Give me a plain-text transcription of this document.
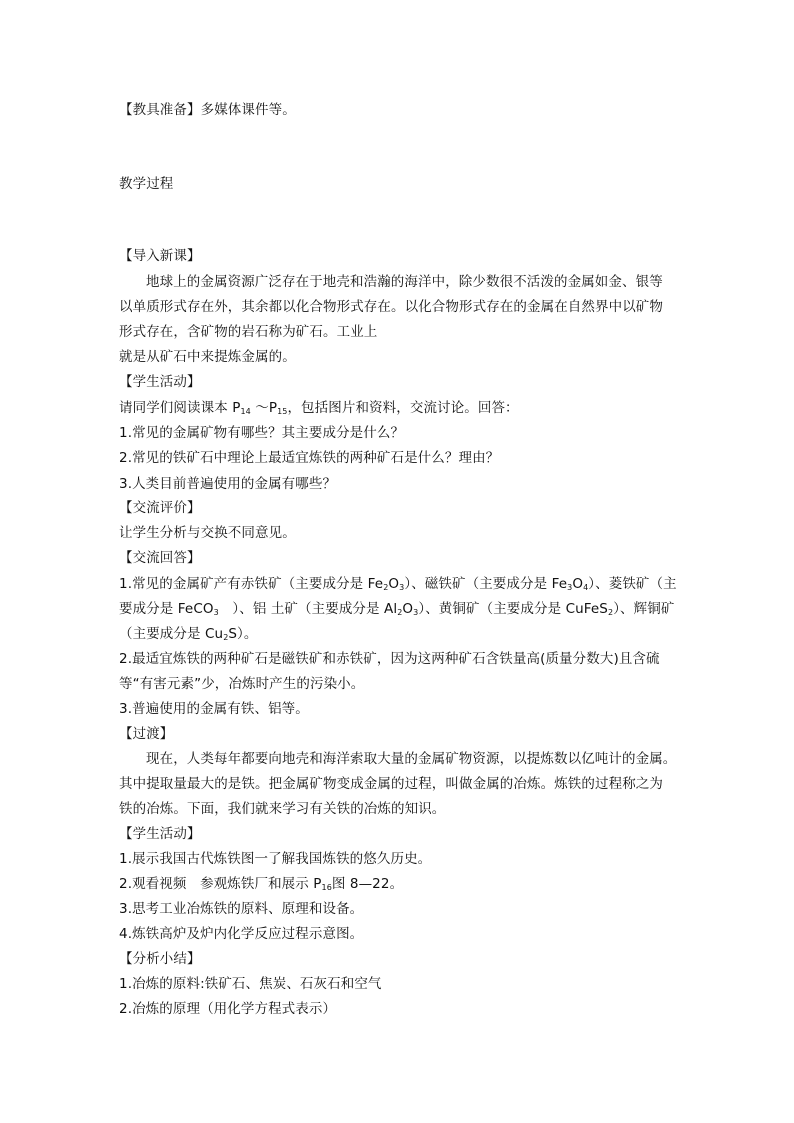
【教具准备】多媒体课件等。
教学过程
【导入新课】
地球上的金属资源广泛存在于地壳和浩瀚的海洋中，除少数很不活泼的金属如金、银等
以单质形式存在外，其余都以化合物形式存在。以化合物形式存在的金属在自然界中以矿物
形式存在，含矿物的岩石称为矿石。工业上
就是从矿石中来提炼金属的。
【学生活动】
请同学们阅读课本 $P_{14}$ $\sim P_{15}$，包括图片和资料，交流讨论。回答：
1.常见的金属矿物有哪些？其主要成分是什么？
2.常见的铁矿石中理论上最适宜炼铁的两种矿石是什么？理由？
3.人类目前普遍使用的金属有哪些？
【交流评价】
让学生分析与交换不同意见。
【交流回答】
1.常见的金属矿产有赤铁矿（主要成分是 $Fe_2O_3$）、磁铁矿（主要成分是 $Fe_3O_4$）、菱铁矿（主
要成分是 FeCO$_3$　）、铝 土矿（主要成分是 $Al_2O_3$）、黄铜矿（主要成分是 CuFeS$_2$）、辉铜矿
（主要成分是 $Cu_2S$）。
2.最适宜炼铁的两种矿石是磁铁矿和赤铁矿，因为这两种矿石含铁量高(质量分数大)且含硫
等“有害元素”少，冶炼时产生的污染小。
3.普遍使用的金属有铁、铝等。
【过渡】
现在，人类每年都要向地壳和海洋索取大量的金属矿物资源，以提炼数以亿吨计的金属。
其中提取量最大的是铁。把金属矿物变成金属的过程，叫做金属的冶炼。炼铁的过程称之为
铁的冶炼。下面，我们就来学习有关铁的冶炼的知识。
【学生活动】
1.展示我国古代炼铁图一了解我国炼铁的悠久历史。
2.观看视频　参观炼铁厂和展示 $P_{16}$图 8—22。
3.思考工业冶炼铁的原料、原理和设备。
4.炼铁高炉及炉内化学反应过程示意图。
【分析小结】
1.冶炼的原料:铁矿石、焦炭、石灰石和空气
2.冶炼的原理（用化学方程式表示）
